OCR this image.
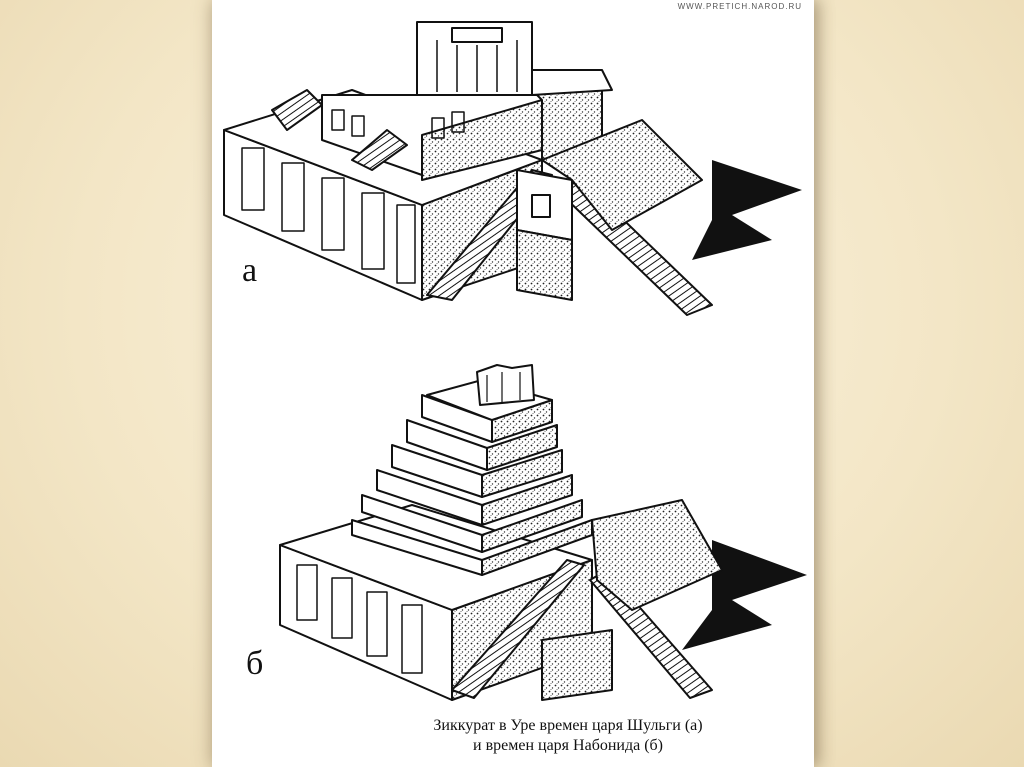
WWW.PRETICH.NAROD.RU
а
б
Зиккурат в Уре времен царя Шульги (а)
и времен царя Набонида (б)
